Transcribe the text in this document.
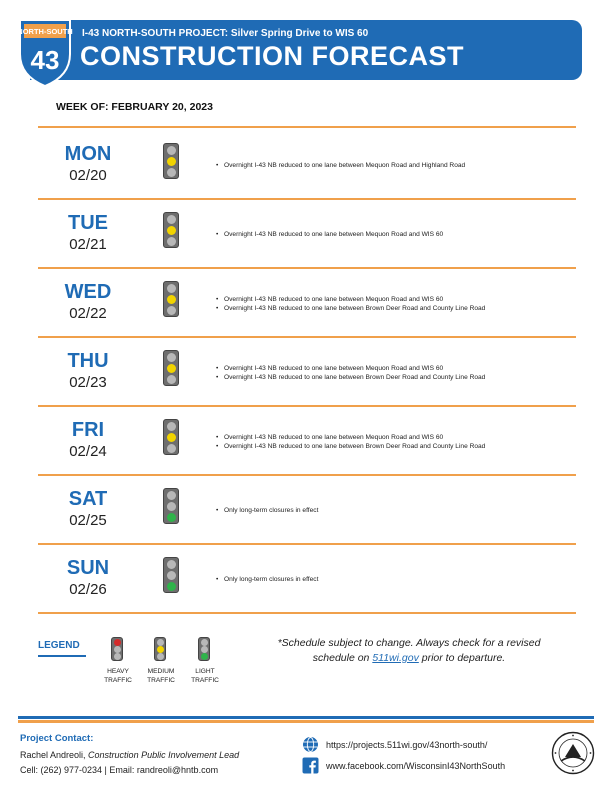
NORTH-SOUTH
43
I-43 NORTH-SOUTH PROJECT: Silver Spring Drive to WIS 60
CONSTRUCTION FORECAST
WEEK OF: FEBRUARY 20, 2023
MON
02/20
• Overnight I-43 NB reduced to one lane between Mequon Road and Highland Road
TUE
02/21
• Overnight I-43 NB reduced to one lane between Mequon Road and WIS 60
WED
02/22
• Overnight I-43 NB reduced to one lane between Mequon Road and WIS 60
• Overnight I-43 NB reduced to one lane between Brown Deer Road and County Line Road
THU
02/23
• Overnight I-43 NB reduced to one lane between Mequon Road and WIS 60
• Overnight I-43 NB reduced to one lane between Brown Deer Road and County Line Road
FRI
02/24
• Overnight I-43 NB reduced to one lane between Mequon Road and WIS 60
• Overnight I-43 NB reduced to one lane between Brown Deer Road and County Line Road
SAT
02/25
• Only long-term closures in effect
SUN
02/26
• Only long-term closures in effect
LEGEND
HEAVY
TRAFFIC
MEDIUM
TRAFFIC
LIGHT
TRAFFIC
*Schedule subject to change. Always check for a revised
schedule on 511wi.gov prior to departure.
Project Contact:
Rachel Andreoli, Construction Public Involvement Lead
Cell: (262) 977-0234 | Email: randreoli@hntb.com
https://projects.511wi.gov/43north-south/
www.facebook.com/WisconsinI43NorthSouth
